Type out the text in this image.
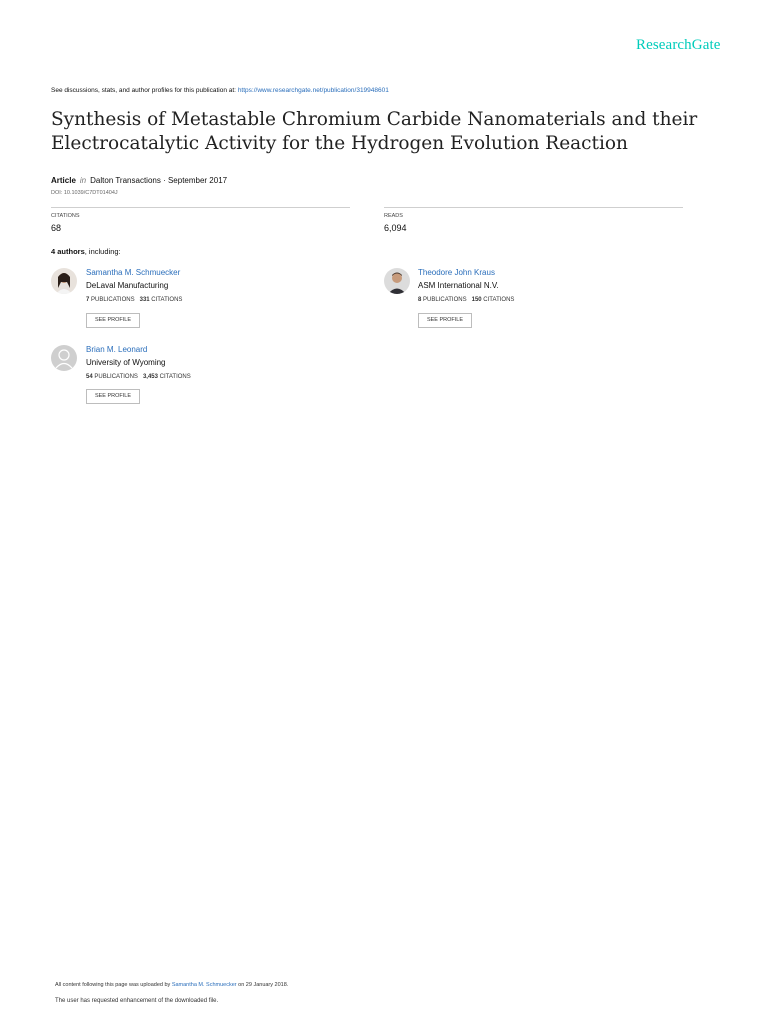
ResearchGate
See discussions, stats, and author profiles for this publication at: https://www.researchgate.net/publication/319948601
Synthesis of Metastable Chromium Carbide Nanomaterials and their
Electrocatalytic Activity for the Hydrogen Evolution Reaction
Article in Dalton Transactions · September 2017
DOI: 10.1039/C7DT01404J
CITATIONS
68
READS
6,094
4 authors, including:
Samantha M. Schmuecker
DeLaval Manufacturing
7 PUBLICATIONS 331 CITATIONS
SEE PROFILE
Theodore John Kraus
ASM International N.V.
8 PUBLICATIONS 150 CITATIONS
SEE PROFILE
Brian M. Leonard
University of Wyoming
54 PUBLICATIONS 3,453 CITATIONS
SEE PROFILE
All content following this page was uploaded by Samantha M. Schmuecker on 29 January 2018.
The user has requested enhancement of the downloaded file.
